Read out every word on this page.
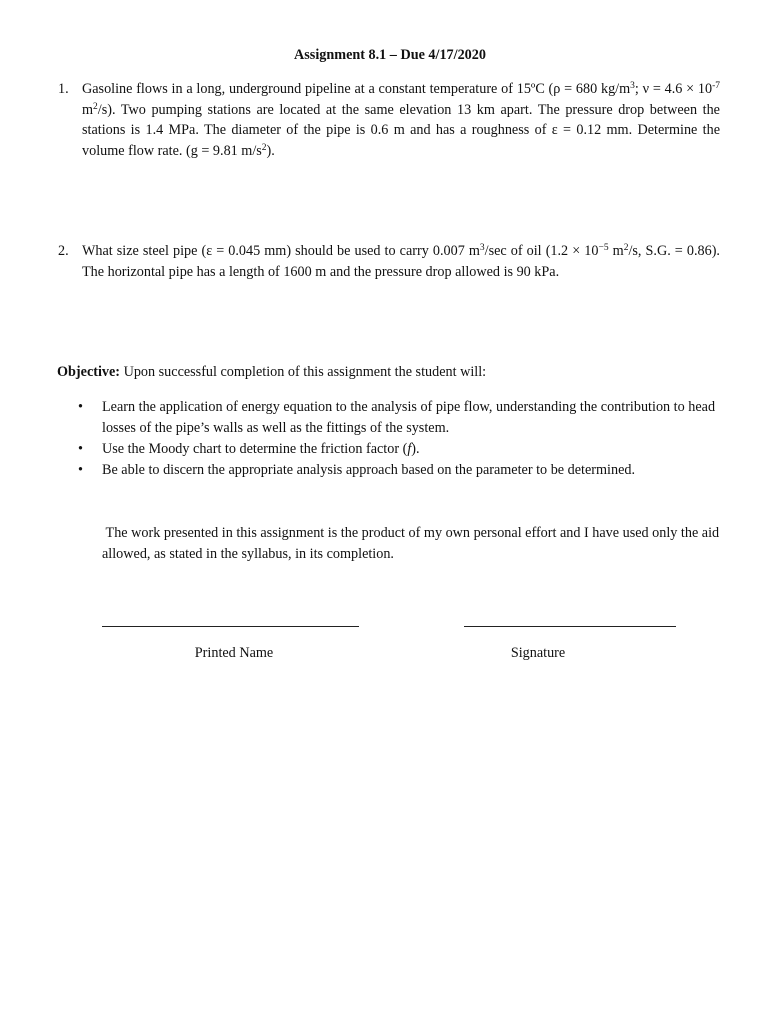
Assignment 8.1 – Due 4/17/2020
1. Gasoline flows in a long, underground pipeline at a constant temperature of 15ºC (ρ = 680 $kg/m^3$; $\nu = 4.6 \times 10^{-7}$ $m^2/s$). Two pumping stations are located at the same elevation 13 km apart. The pressure drop between the stations is 1.4 MPa. The diameter of the pipe is 0.6 m and has a roughness of ε = 0.12 mm. Determine the volume flow rate. (g = 9.81 $m/s^2$).
2. What size steel pipe (ε = 0.045 mm) should be used to carry 0.007 $m^3/\sec$ of oil ($1.2 \times 10^{-5}$ $m^2/s$, S.G. = 0.86). The horizontal pipe has a length of 1600 m and the pressure drop allowed is 90 kPa.
Objective: Upon successful completion of this assignment the student will:
• Learn the application of energy equation to the analysis of pipe flow, understanding the contribution to head losses of the pipe’s walls as well as the fittings of the system.
• Use the Moody chart to determine the friction factor (f).
• Be able to discern the appropriate analysis approach based on the parameter to be determined.
The work presented in this assignment is the product of my own personal effort and I have used only the aid allowed, as stated in the syllabus, in its completion.
Printed Name	Signature
